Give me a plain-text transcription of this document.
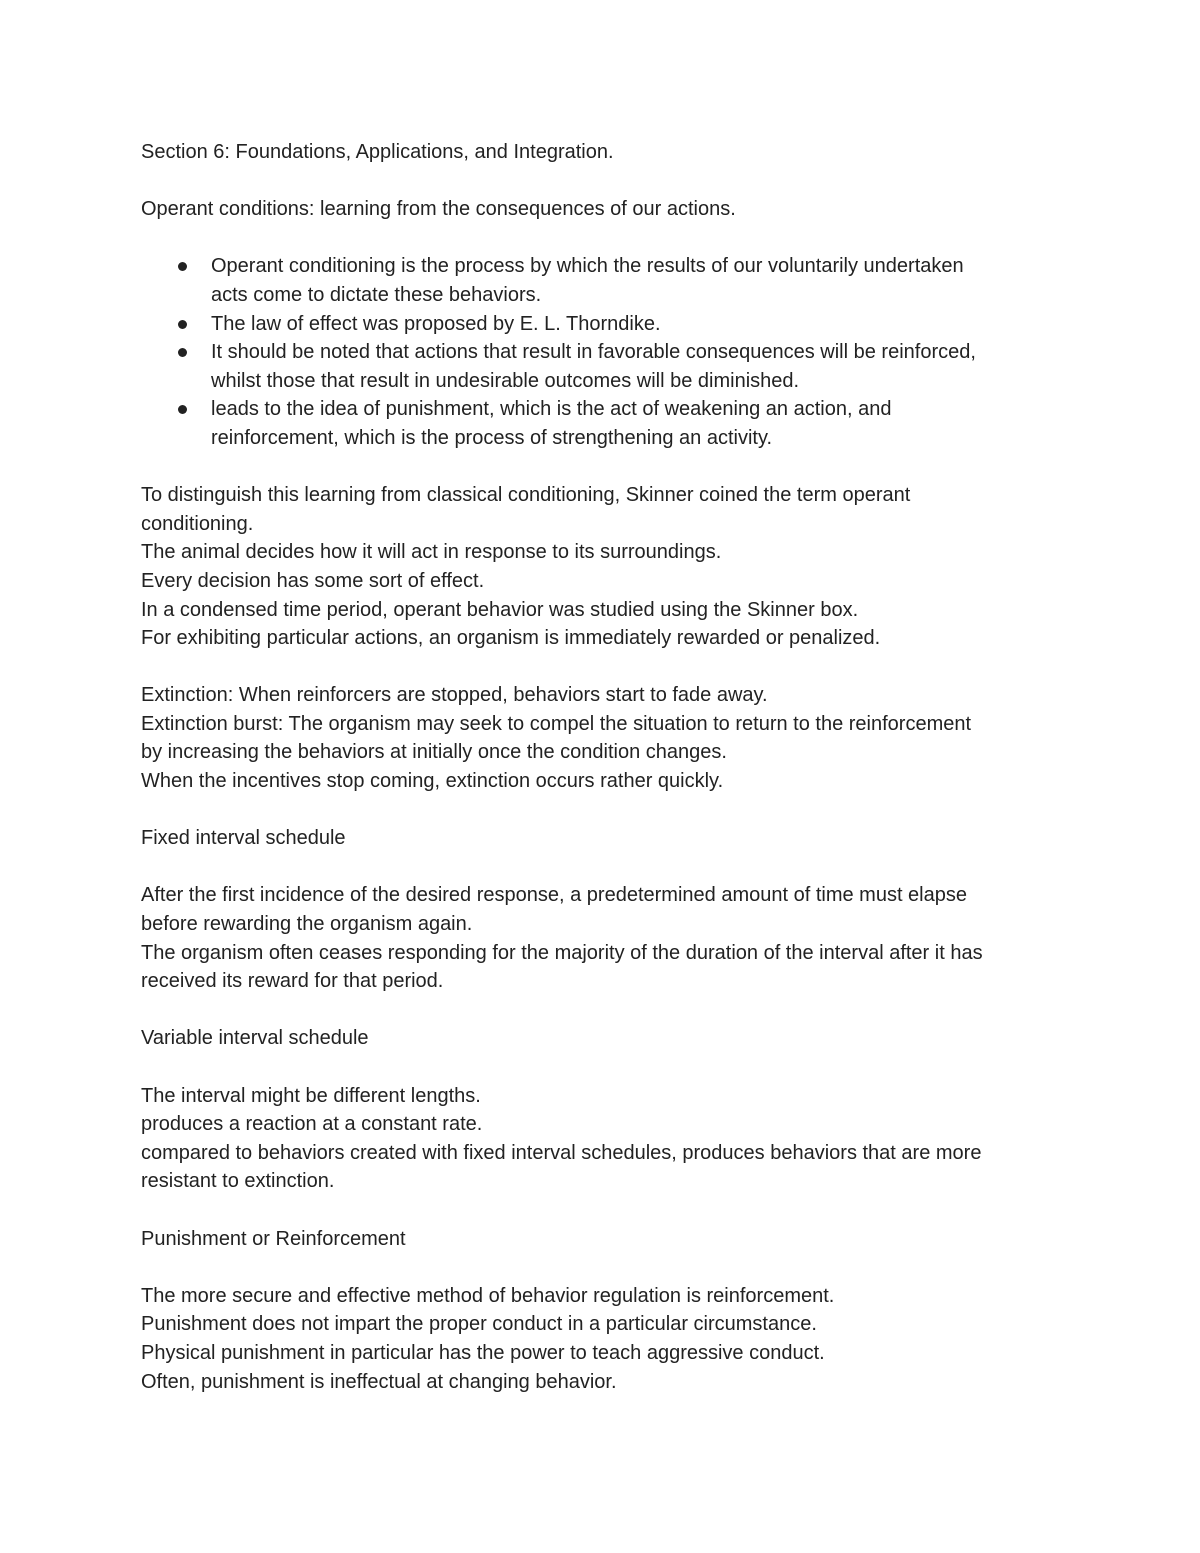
Section 6: Foundations, Applications, and Integration.

Operant conditions: learning from the consequences of our actions.

Operant conditioning is the process by which the results of our voluntarily undertaken
acts come to dictate these behaviors.
The law of effect was proposed by E. L. Thorndike.
It should be noted that actions that result in favorable consequences will be reinforced,
whilst those that result in undesirable outcomes will be diminished.
leads to the idea of punishment, which is the act of weakening an action, and
reinforcement, which is the process of strengthening an activity.

To distinguish this learning from classical conditioning, Skinner coined the term operant

conditioning.

The animal decides how it will act in response to its surroundings.

Every decision has some sort of effect.

In a condensed time period, operant behavior was studied using the Skinner box.

For exhibiting particular actions, an organism is immediately rewarded or penalized.

Extinction: When reinforcers are stopped, behaviors start to fade away.

Extinction burst: The organism may seek to compel the situation to return to the reinforcement

by increasing the behaviors at initially once the condition changes.

When the incentives stop coming, extinction occurs rather quickly.

Fixed interval schedule

After the first incidence of the desired response, a predetermined amount of time must elapse

before rewarding the organism again.

The organism often ceases responding for the majority of the duration of the interval after it has

received its reward for that period.

Variable interval schedule

The interval might be different lengths.

produces a reaction at a constant rate.

compared to behaviors created with fixed interval schedules, produces behaviors that are more

resistant to extinction.

Punishment or Reinforcement

The more secure and effective method of behavior regulation is reinforcement.

Punishment does not impart the proper conduct in a particular circumstance.

Physical punishment in particular has the power to teach aggressive conduct.

Often, punishment is ineffectual at changing behavior.
